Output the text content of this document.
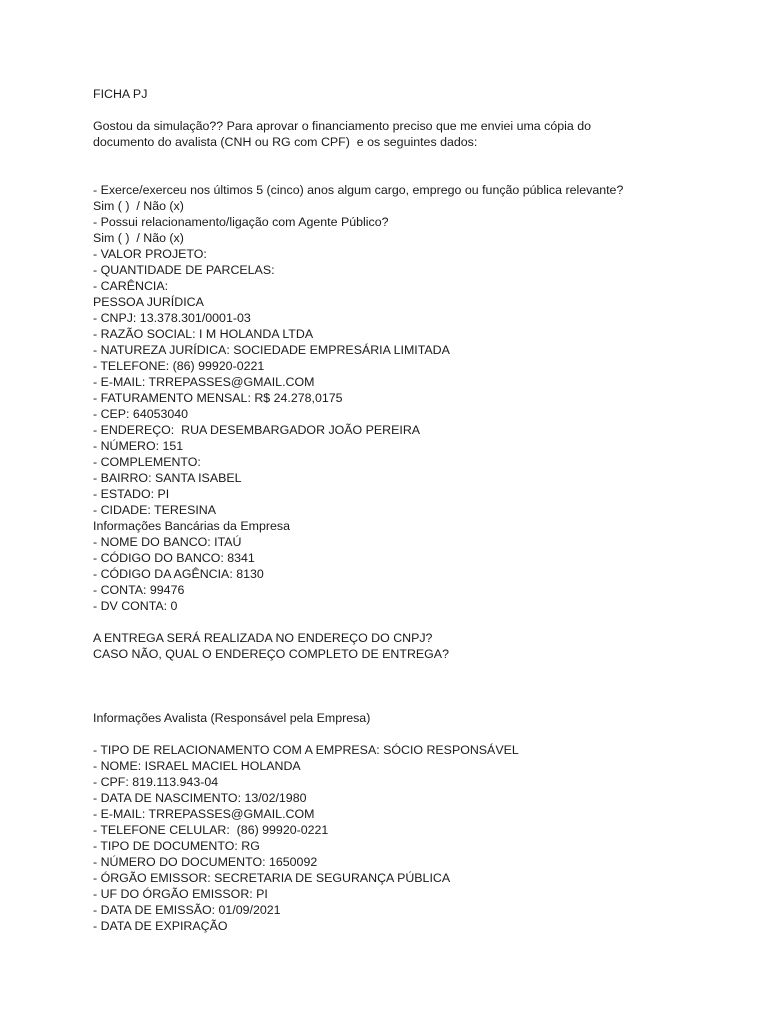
FICHA PJ
Gostou da simulação?? Para aprovar o financiamento preciso que me enviei uma cópia do
documento do avalista (CNH ou RG com CPF)  e os seguintes dados:
- Exerce/exerceu nos últimos 5 (cinco) anos algum cargo, emprego ou função pública relevante?
Sim ( )  / Não (x)
- Possui relacionamento/ligação com Agente Público?
Sim ( )  / Não (x)
- VALOR PROJETO:
- QUANTIDADE DE PARCELAS:
- CARÊNCIA:
PESSOA JURÍDICA
- CNPJ: 13.378.301/0001-03
- RAZÃO SOCIAL: I M HOLANDA LTDA
- NATUREZA JURÍDICA: SOCIEDADE EMPRESÁRIA LIMITADA
- TELEFONE: (86) 99920-0221
- E-MAIL: TRREPASSES@GMAIL.COM
- FATURAMENTO MENSAL: R$ 24.278,0175
- CEP: 64053040
- ENDEREÇO:  RUA DESEMBARGADOR JOÃO PEREIRA
- NÚMERO: 151
- COMPLEMENTO:
- BAIRRO: SANTA ISABEL
- ESTADO: PI
- CIDADE: TERESINA
Informações Bancárias da Empresa
- NOME DO BANCO: ITAÚ
- CÓDIGO DO BANCO: 8341
- CÓDIGO DA AGÊNCIA: 8130
- CONTA: 99476
- DV CONTA: 0
A ENTREGA SERÁ REALIZADA NO ENDEREÇO DO CNPJ?
CASO NÃO, QUAL O ENDEREÇO COMPLETO DE ENTREGA?
Informações Avalista (Responsável pela Empresa)
- TIPO DE RELACIONAMENTO COM A EMPRESA: SÓCIO RESPONSÁVEL
- NOME: ISRAEL MACIEL HOLANDA
- CPF: 819.113.943-04
- DATA DE NASCIMENTO: 13/02/1980
- E-MAIL: TRREPASSES@GMAIL.COM
- TELEFONE CELULAR:  (86) 99920-0221
- TIPO DE DOCUMENTO: RG
- NÚMERO DO DOCUMENTO: 1650092
- ÓRGÃO EMISSOR: SECRETARIA DE SEGURANÇA PÚBLICA
- UF DO ÓRGÃO EMISSOR: PI
- DATA DE EMISSÃO: 01/09/2021
- DATA DE EXPIRAÇÃO
